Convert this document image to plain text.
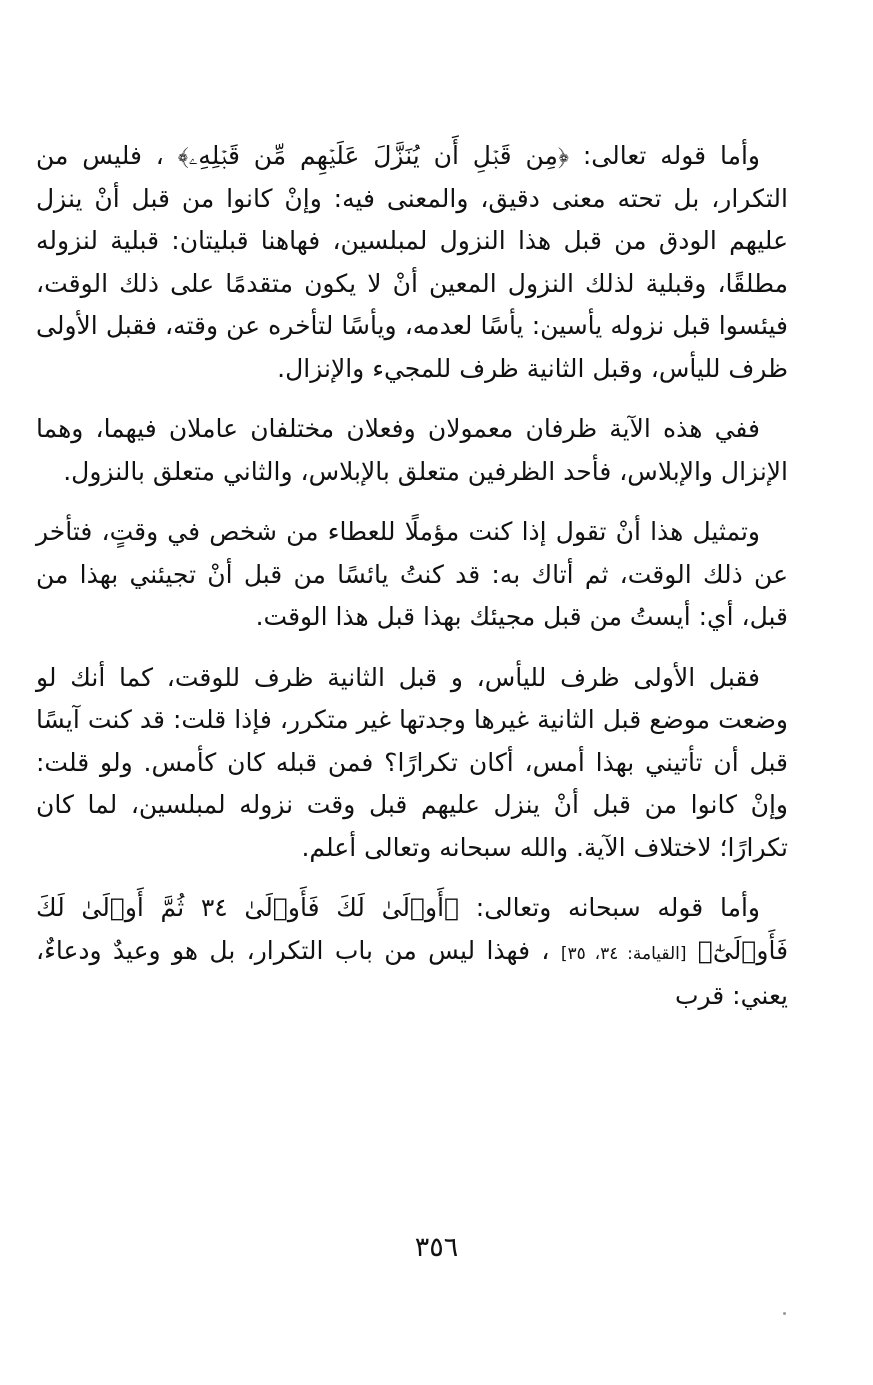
وأما قوله تعالى: ﴿مِن قَبۡلِ أَن يُنَزَّلَ عَلَيۡهِم مِّن قَبۡلِهِۦ﴾ ، فليس من التكرار، بل تحته معنى دقيق، والمعنى فيه: وإنْ كانوا من قبل أنْ ينزل عليهم الودق من قبل هذا النزول لمبلسين، فهاهنا قبليتان: قبلية لنزوله مطلقًا، وقبلية لذلك النزول المعين أنْ لا يكون متقدمًا على ذلك الوقت، فيئسوا قبل نزوله يأسين: يأسًا لعدمه، ويأسًا لتأخره عن وقته، فقبل الأولى ظرف لليأس، وقبل الثانية ظرف للمجيء والإنزال.

ففي هذه الآية ظرفان معمولان وفعلان مختلفان عاملان فيهما، وهما الإنزال والإبلاس، فأحد الظرفين متعلق بالإبلاس، والثاني متعلق بالنزول.

وتمثيل هذا أنْ تقول إذا كنت مؤملًا للعطاء من شخص في وقتٍ، فتأخر عن ذلك الوقت، ثم أتاك به: قد كنتُ يائسًا من قبل أنْ تجيئني بهذا من قبل، أي: أيستُ من قبل مجيئك بهذا قبل هذا الوقت.

فقبل الأولى ظرف لليأس، و قبل الثانية ظرف للوقت، كما أنك لو وضعت موضع قبل الثانية غيرها وجدتها غير متكرر، فإذا قلت: قد كنت آيسًا قبل أن تأتيني بهذا أمس، أكان تكرارًا؟ فمن قبله كان كأمس. ولو قلت: وإنْ كانوا من قبل أنْ ينزل عليهم قبل وقت نزوله لمبلسين، لما كان تكرارًا؛ لاختلاف الآية. والله سبحانه وتعالى أعلم.

وأما قوله سبحانه وتعالى: ﴿أَوۡلَىٰ لَكَ فَأَوۡلَىٰ ٣٤ ثُمَّ أَوۡلَىٰ لَكَ فَأَوۡلَىٰٓ﴾ [القيامة: ٣٤، ٣٥] ، فهذا ليس من باب التكرار، بل هو وعيدٌ ودعاءٌ، يعني: قرب

٣٥٦
